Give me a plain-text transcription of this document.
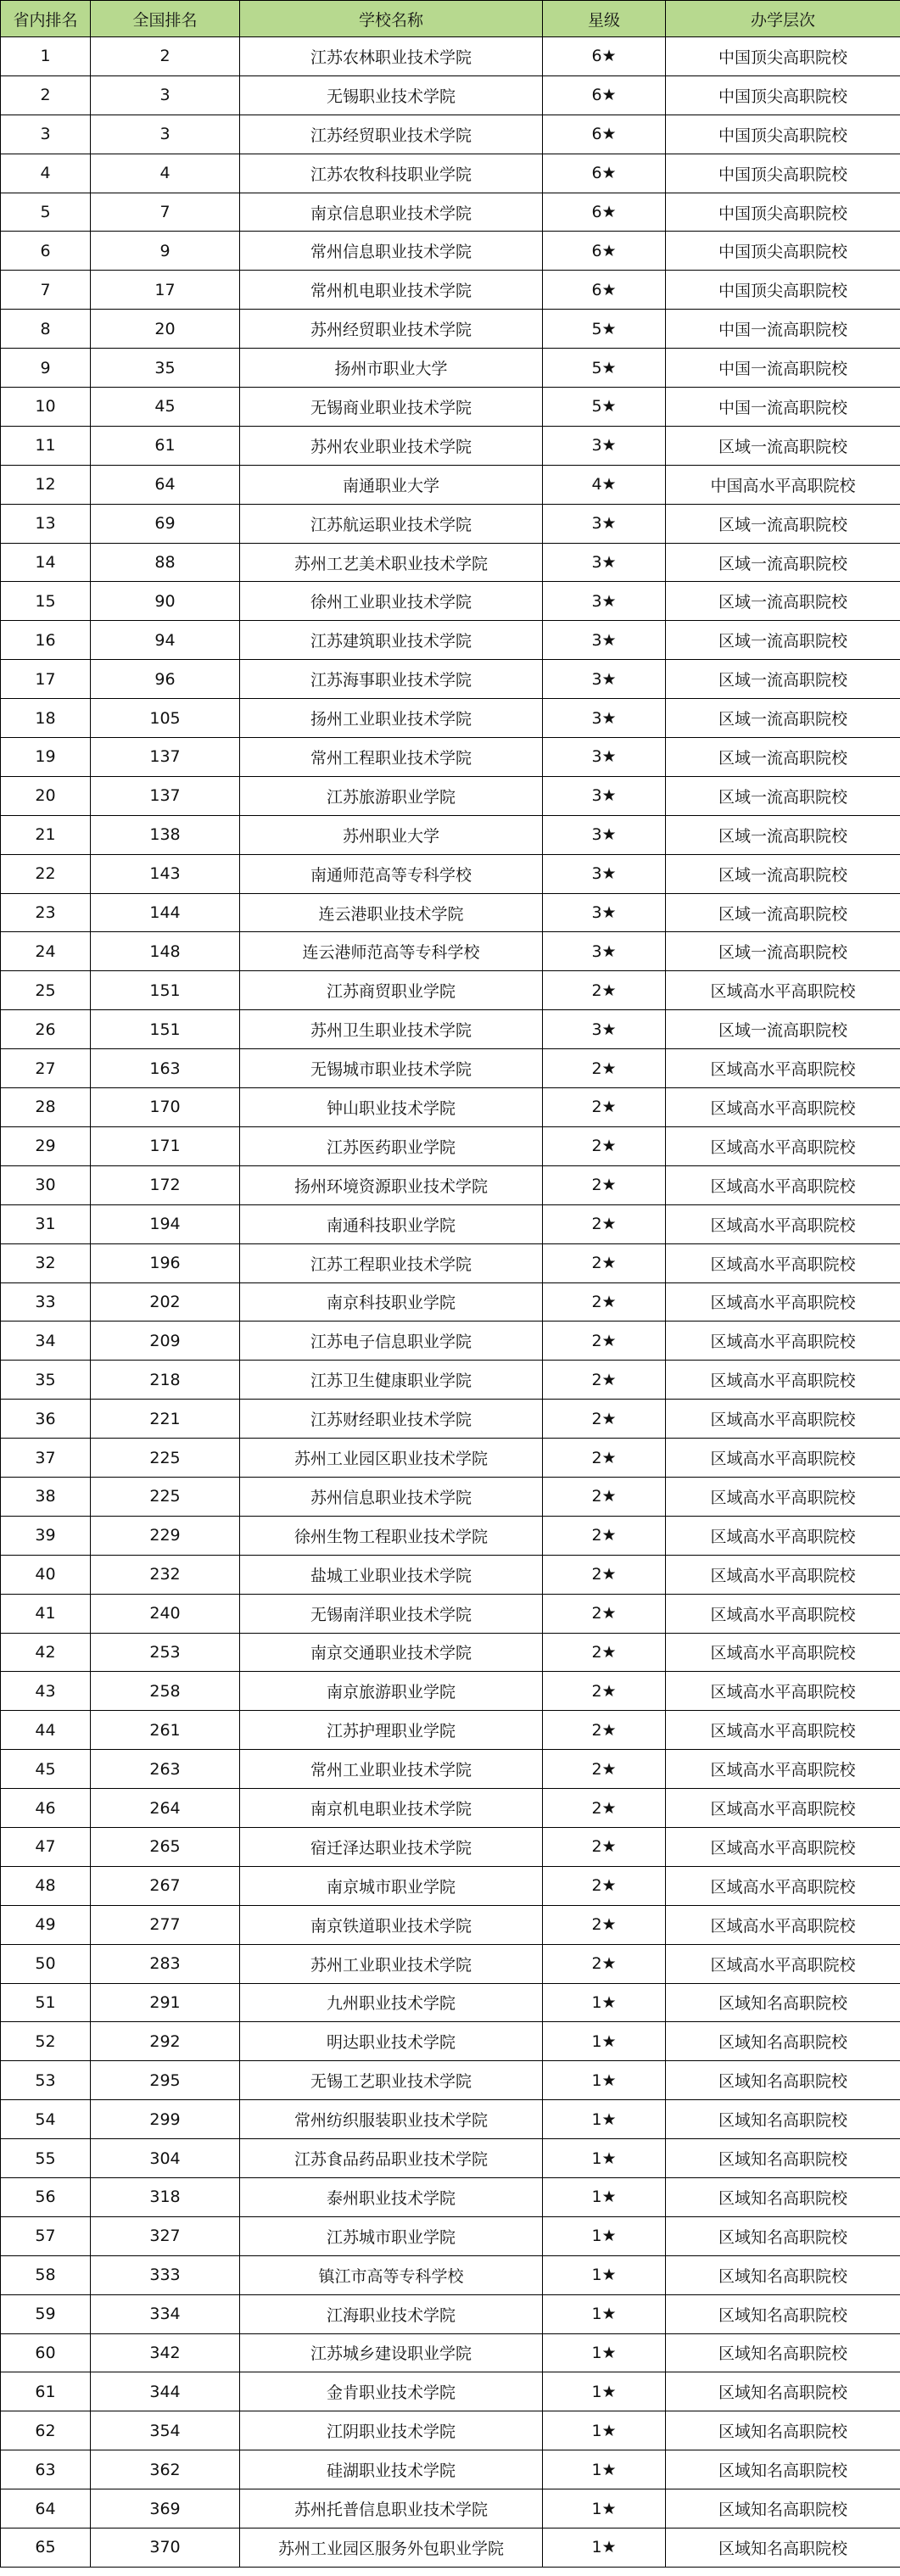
省内排名	全国排名	学校名称	星级	办学层次
1	2	江苏农林职业技术学院	6★	中国顶尖高职院校
2	3	无锡职业技术学院	6★	中国顶尖高职院校
3	3	江苏经贸职业技术学院	6★	中国顶尖高职院校
4	4	江苏农牧科技职业学院	6★	中国顶尖高职院校
5	7	南京信息职业技术学院	6★	中国顶尖高职院校
6	9	常州信息职业技术学院	6★	中国顶尖高职院校
7	17	常州机电职业技术学院	6★	中国顶尖高职院校
8	20	苏州经贸职业技术学院	5★	中国一流高职院校
9	35	扬州市职业大学	5★	中国一流高职院校
10	45	无锡商业职业技术学院	5★	中国一流高职院校
11	61	苏州农业职业技术学院	3★	区域一流高职院校
12	64	南通职业大学	4★	中国高水平高职院校
13	69	江苏航运职业技术学院	3★	区域一流高职院校
14	88	苏州工艺美术职业技术学院	3★	区域一流高职院校
15	90	徐州工业职业技术学院	3★	区域一流高职院校
16	94	江苏建筑职业技术学院	3★	区域一流高职院校
17	96	江苏海事职业技术学院	3★	区域一流高职院校
18	105	扬州工业职业技术学院	3★	区域一流高职院校
19	137	常州工程职业技术学院	3★	区域一流高职院校
20	137	江苏旅游职业学院	3★	区域一流高职院校
21	138	苏州职业大学	3★	区域一流高职院校
22	143	南通师范高等专科学校	3★	区域一流高职院校
23	144	连云港职业技术学院	3★	区域一流高职院校
24	148	连云港师范高等专科学校	3★	区域一流高职院校
25	151	江苏商贸职业学院	2★	区域高水平高职院校
26	151	苏州卫生职业技术学院	3★	区域一流高职院校
27	163	无锡城市职业技术学院	2★	区域高水平高职院校
28	170	钟山职业技术学院	2★	区域高水平高职院校
29	171	江苏医药职业学院	2★	区域高水平高职院校
30	172	扬州环境资源职业技术学院	2★	区域高水平高职院校
31	194	南通科技职业学院	2★	区域高水平高职院校
32	196	江苏工程职业技术学院	2★	区域高水平高职院校
33	202	南京科技职业学院	2★	区域高水平高职院校
34	209	江苏电子信息职业学院	2★	区域高水平高职院校
35	218	江苏卫生健康职业学院	2★	区域高水平高职院校
36	221	江苏财经职业技术学院	2★	区域高水平高职院校
37	225	苏州工业园区职业技术学院	2★	区域高水平高职院校
38	225	苏州信息职业技术学院	2★	区域高水平高职院校
39	229	徐州生物工程职业技术学院	2★	区域高水平高职院校
40	232	盐城工业职业技术学院	2★	区域高水平高职院校
41	240	无锡南洋职业技术学院	2★	区域高水平高职院校
42	253	南京交通职业技术学院	2★	区域高水平高职院校
43	258	南京旅游职业学院	2★	区域高水平高职院校
44	261	江苏护理职业学院	2★	区域高水平高职院校
45	263	常州工业职业技术学院	2★	区域高水平高职院校
46	264	南京机电职业技术学院	2★	区域高水平高职院校
47	265	宿迁泽达职业技术学院	2★	区域高水平高职院校
48	267	南京城市职业学院	2★	区域高水平高职院校
49	277	南京铁道职业技术学院	2★	区域高水平高职院校
50	283	苏州工业职业技术学院	2★	区域高水平高职院校
51	291	九州职业技术学院	1★	区域知名高职院校
52	292	明达职业技术学院	1★	区域知名高职院校
53	295	无锡工艺职业技术学院	1★	区域知名高职院校
54	299	常州纺织服装职业技术学院	1★	区域知名高职院校
55	304	江苏食品药品职业技术学院	1★	区域知名高职院校
56	318	泰州职业技术学院	1★	区域知名高职院校
57	327	江苏城市职业学院	1★	区域知名高职院校
58	333	镇江市高等专科学校	1★	区域知名高职院校
59	334	江海职业技术学院	1★	区域知名高职院校
60	342	江苏城乡建设职业学院	1★	区域知名高职院校
61	344	金肯职业技术学院	1★	区域知名高职院校
62	354	江阴职业技术学院	1★	区域知名高职院校
63	362	硅湖职业技术学院	1★	区域知名高职院校
64	369	苏州托普信息职业技术学院	1★	区域知名高职院校
65	370	苏州工业园区服务外包职业学院	1★	区域知名高职院校
